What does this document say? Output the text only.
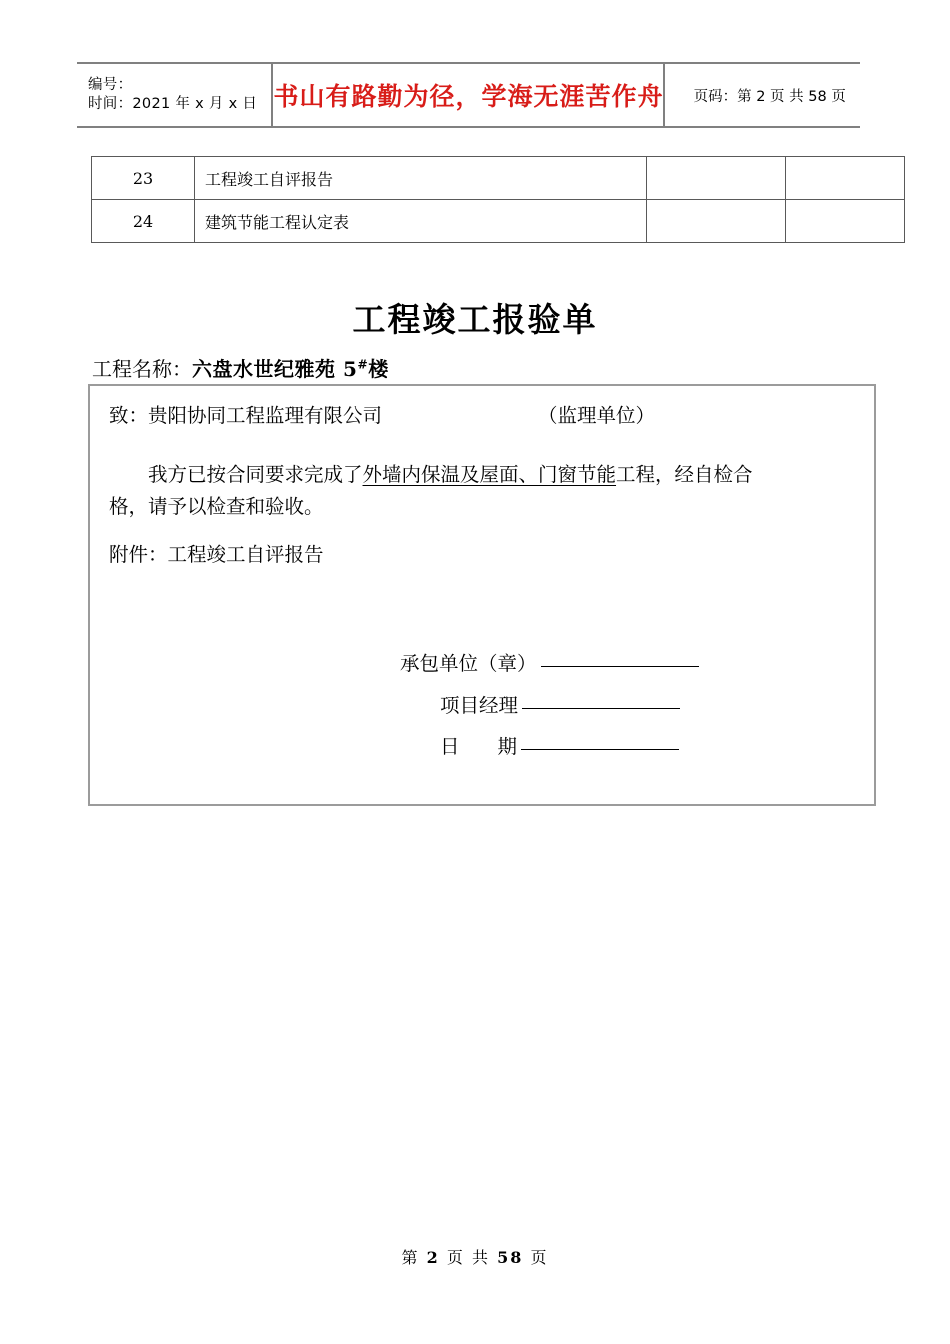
编号：
时间：2021 年 x 月 x 日 书山有路勤为径，学海无涯苦作舟 页码：第 2 页 共 58 页
23	工程竣工自评报告		
24	建筑节能工程认定表		
工程竣工报验单
工程名称：六盘水世纪雅苑 5#楼
致：贵阳协同工程监理有限公司	（监理单位）
我方已按合同要求完成了外墙内保温及屋面、门窗节能工程，经自检合
格，请予以检查和验收。
附件：工程竣工自评报告
承包单位（章）
项目经理
日 期
第 2 页 共 58 页
